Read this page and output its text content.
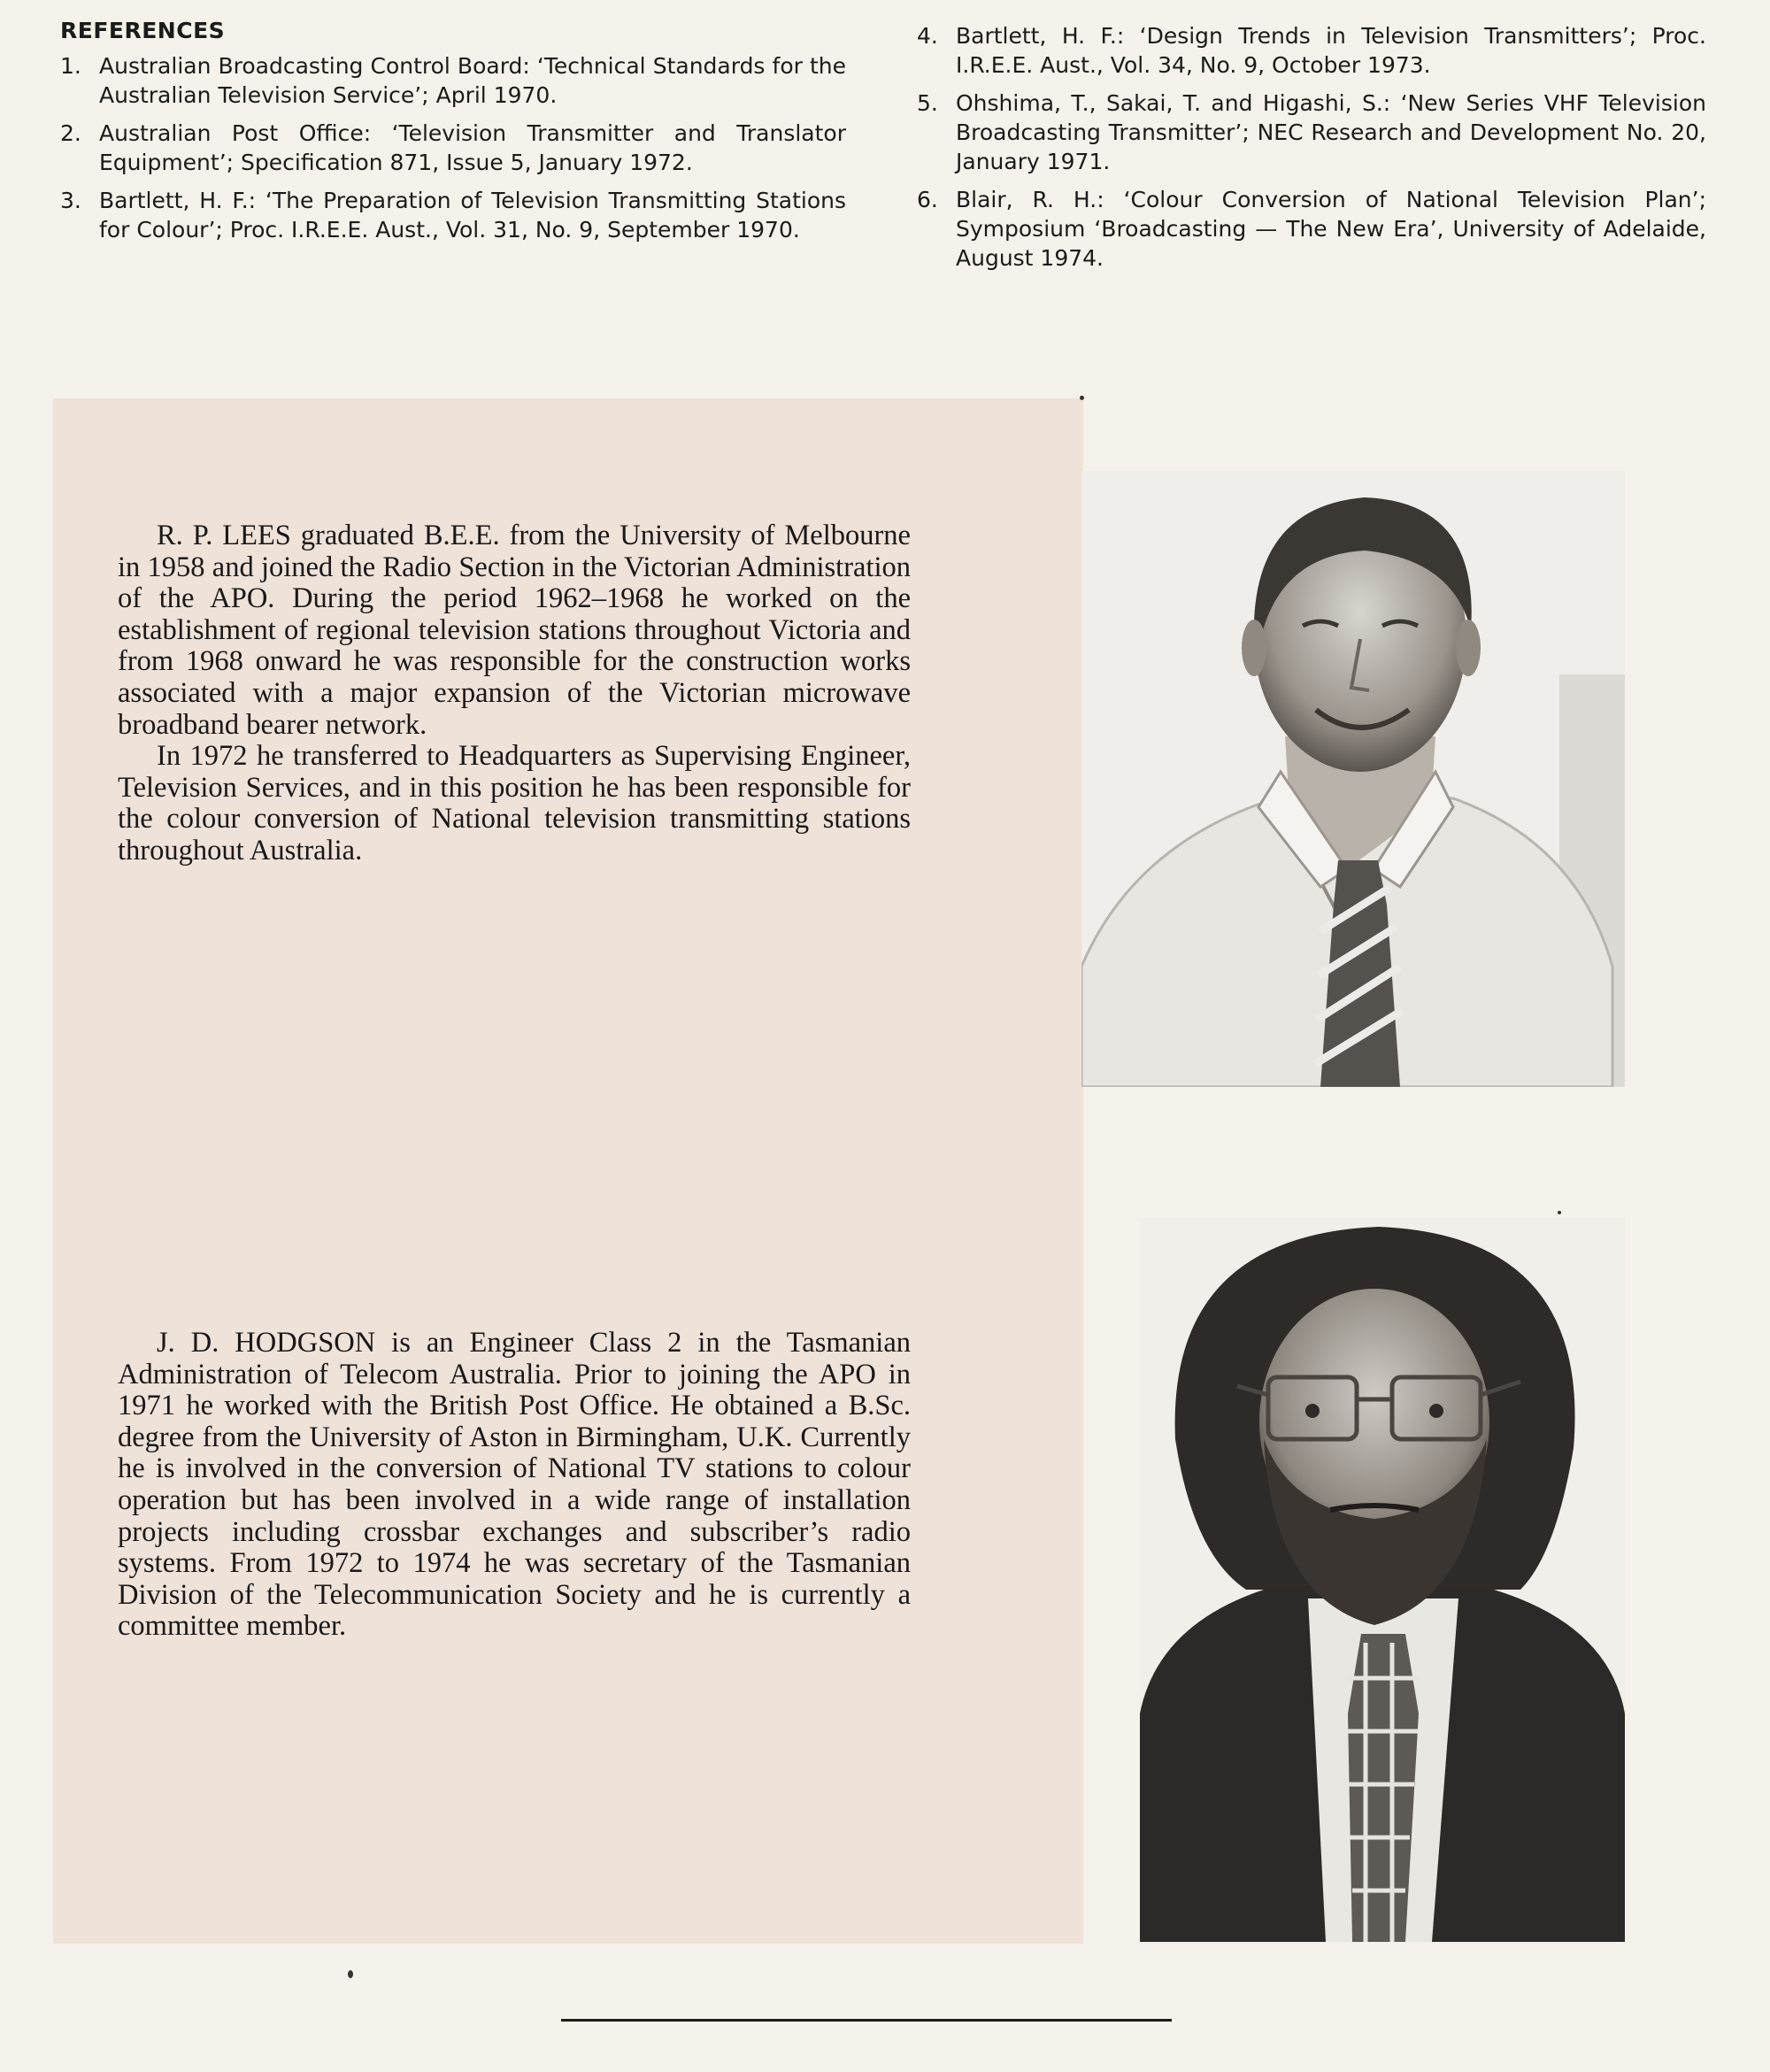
REFERENCES
1. Australian Broadcasting Control Board: ‘Technical Standards for the Australian Television Service’; April 1970.
2. Australian Post Office: ‘Television Transmitter and Translator Equipment’; Specification 871, Issue 5, January 1972.
3. Bartlett, H. F.: ‘The Preparation of Television Transmitting Stations for Colour’; Proc. I.R.E.E. Aust., Vol. 31, No. 9, September 1970.
4. Bartlett, H. F.: ‘Design Trends in Television Transmitters’; Proc. I.R.E.E. Aust., Vol. 34, No. 9, October 1973.
5. Ohshima, T., Sakai, T. and Higashi, S.: ‘New Series VHF Television Broadcasting Transmitter’; NEC Research and Development No. 20, January 1971.
6. Blair, R. H.: ‘Colour Conversion of National Television Plan’; Symposium ‘Broadcasting — The New Era’, University of Adelaide, August 1974.

R. P. LEES graduated B.E.E. from the University of Melbourne in 1958 and joined the Radio Section in the Victorian Administration of the APO. During the period 1962–1968 he worked on the establishment of regional television stations throughout Victoria and from 1968 onward he was responsible for the construction works associated with a major expansion of the Victorian microwave broadband bearer network.

In 1972 he transferred to Headquarters as Supervising Engineer, Television Services, and in this position he has been responsible for the colour conversion of National television transmitting stations throughout Australia.

J. D. HODGSON is an Engineer Class 2 in the Tasmanian Administration of Telecom Australia. Prior to joining the APO in 1971 he worked with the British Post Office. He obtained a B.Sc. degree from the University of Aston in Birmingham, U.K. Currently he is involved in the conversion of National TV stations to colour operation but has been involved in a wide range of installation projects including crossbar exchanges and subscriber’s radio systems. From 1972 to 1974 he was secretary of the Tasmanian Division of the Telecommunication Society and he is currently a committee member.
